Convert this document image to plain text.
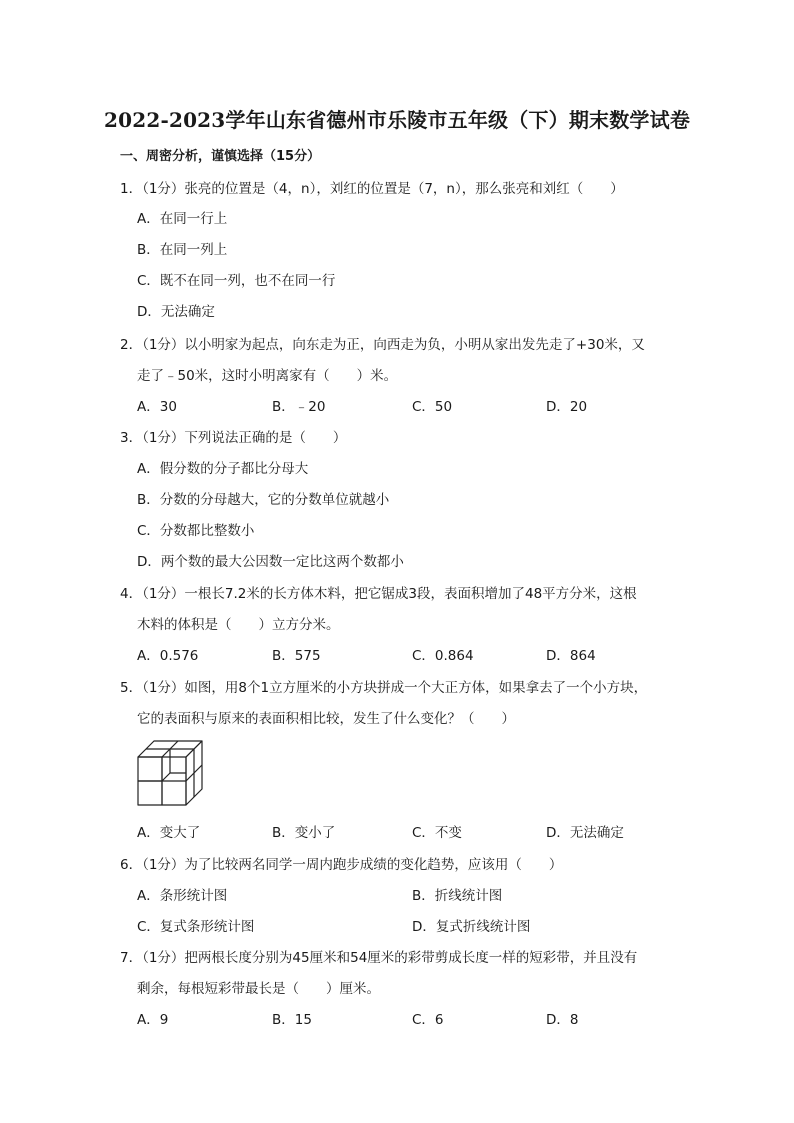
2022-2023学年山东省德州市乐陵市五年级（下）期末数学试卷
一、周密分析，谨慎选择（15分）
1．（1分）张亮的位置是（4，n），刘红的位置是（7，n），那么张亮和刘红（　　）
A．在同一行上
B．在同一列上
C．既不在同一列，也不在同一行
D．无法确定
2．（1分）以小明家为起点，向东走为正，向西走为负，小明从家出发先走了+30米，又
走了﹣50米，这时小明离家有（　　）米。
A．30	B．﹣20	C．50	D．20
3．（1分）下列说法正确的是（　　）
A．假分数的分子都比分母大
B．分数的分母越大，它的分数单位就越小
C．分数都比整数小
D．两个数的最大公因数一定比这两个数都小
4．（1分）一根长7.2米的长方体木料，把它锯成3段，表面积增加了48平方分米，这根
木料的体积是（　　）立方分米。
A．0.576	B．575	C．0.864	D．864
5．（1分）如图，用8个1立方厘米的小方块拼成一个大正方体，如果拿去了一个小方块，
它的表面积与原来的表面积相比较，发生了什么变化？（　　）
A．变大了	B．变小了	C．不变	D．无法确定
6．（1分）为了比较两名同学一周内跑步成绩的变化趋势，应该用（　　）
A．条形统计图	B．折线统计图
C．复式条形统计图	D．复式折线统计图
7．（1分）把两根长度分别为45厘米和54厘米的彩带剪成长度一样的短彩带，并且没有
剩余，每根短彩带最长是（　　）厘米。
A．9	B．15	C．6	D．8
